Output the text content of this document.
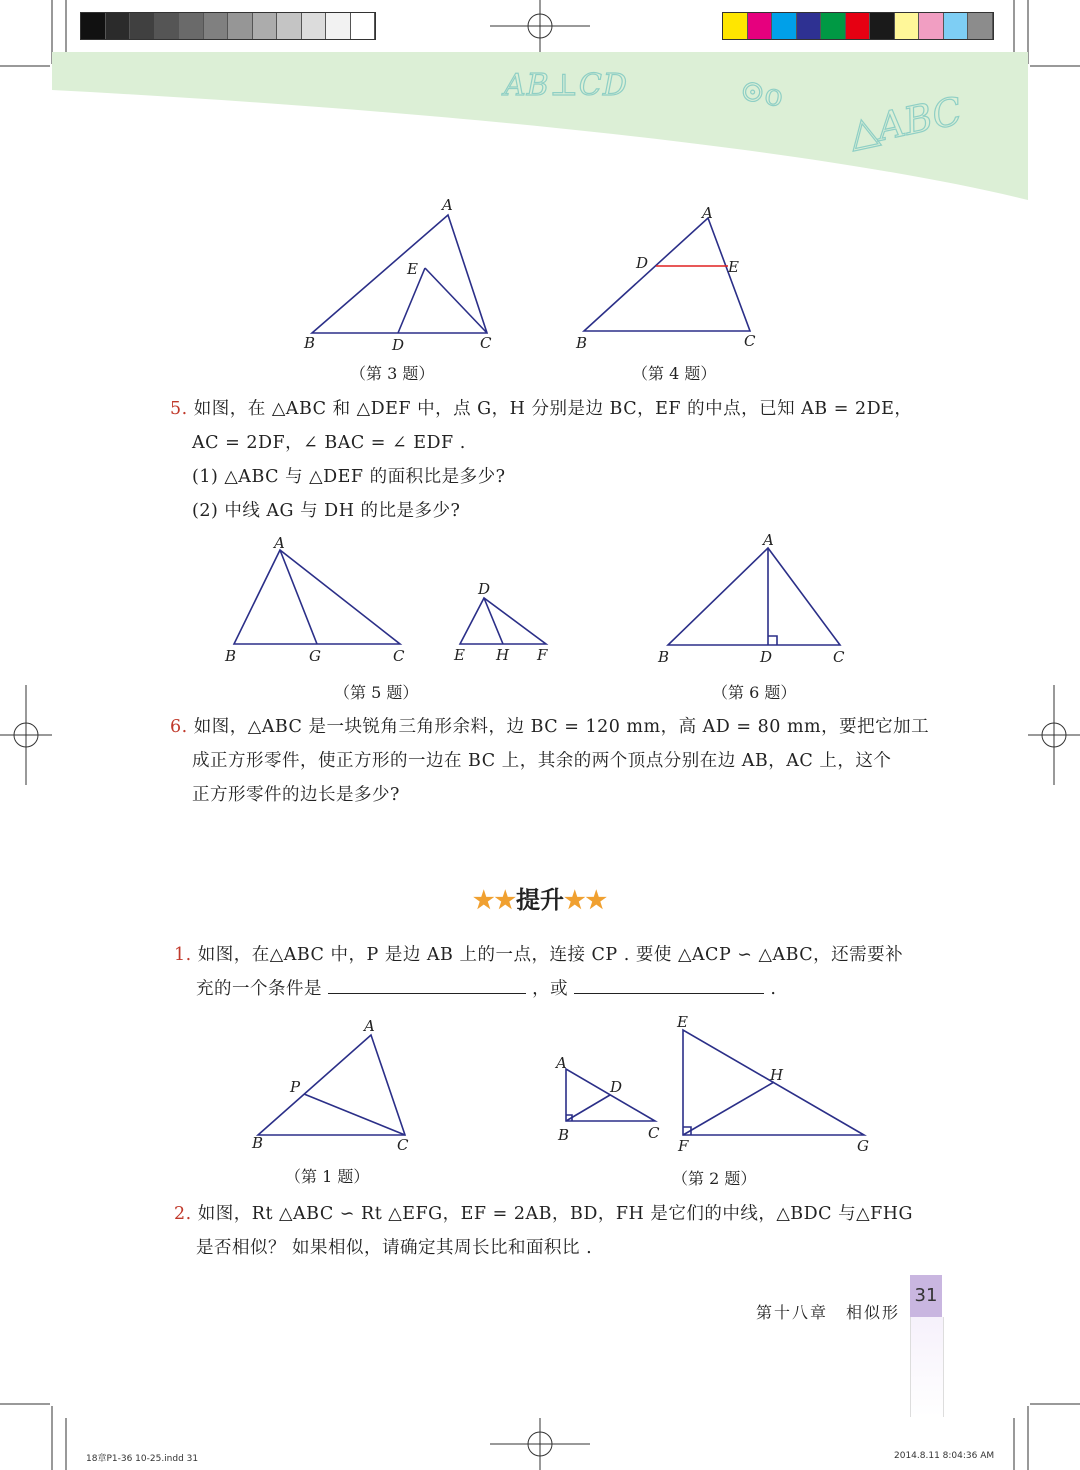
AB⊥CD	⊙o △ABC
A
E
B	D	C
（第 3 题）
A
D	E
B	C
（第 4 题）
5. 如图，在 △ABC 和 △DEF 中，点 G，H 分别是边 BC，EF 的中点，已知 AB = 2DE，
AC = 2DF，∠ BAC = ∠ EDF .
(1) △ABC 与 △DEF 的面积比是多少?
(2) 中线 AG 与 DH 的比是多少?
A
B	G	C
D
E H F
（第 5 题）
A
B	D	C
（第 6 题）
6. 如图，△ABC 是一块锐角三角形余料，边 BC = 120 mm，高 AD = 80 mm，要把它加工
成正方形零件，使正方形的一边在 BC 上，其余的两个顶点分别在边 AB，AC 上，这个
正方形零件的边长是多少?
★★提升★★
1. 如图，在△ABC 中，P 是边 AB 上的一点，连接 CP . 要使 △ACP ∽ △ABC，还需要补
充的一个条件是	，或	.
A
P
B	C
（第 1 题）
A
D
B	C
E
H
F	G
（第 2 题）
2. 如图，Rt △ABC ∽ Rt △EFG，EF = 2AB，BD，FH 是它们的中线，△BDC 与△FHG
是否相似？ 如果相似，请确定其周长比和面积比 .
第十八章　相似形
31
18章P1-36 10-25.indd 31	2014.8.11 8:04:36 AM
